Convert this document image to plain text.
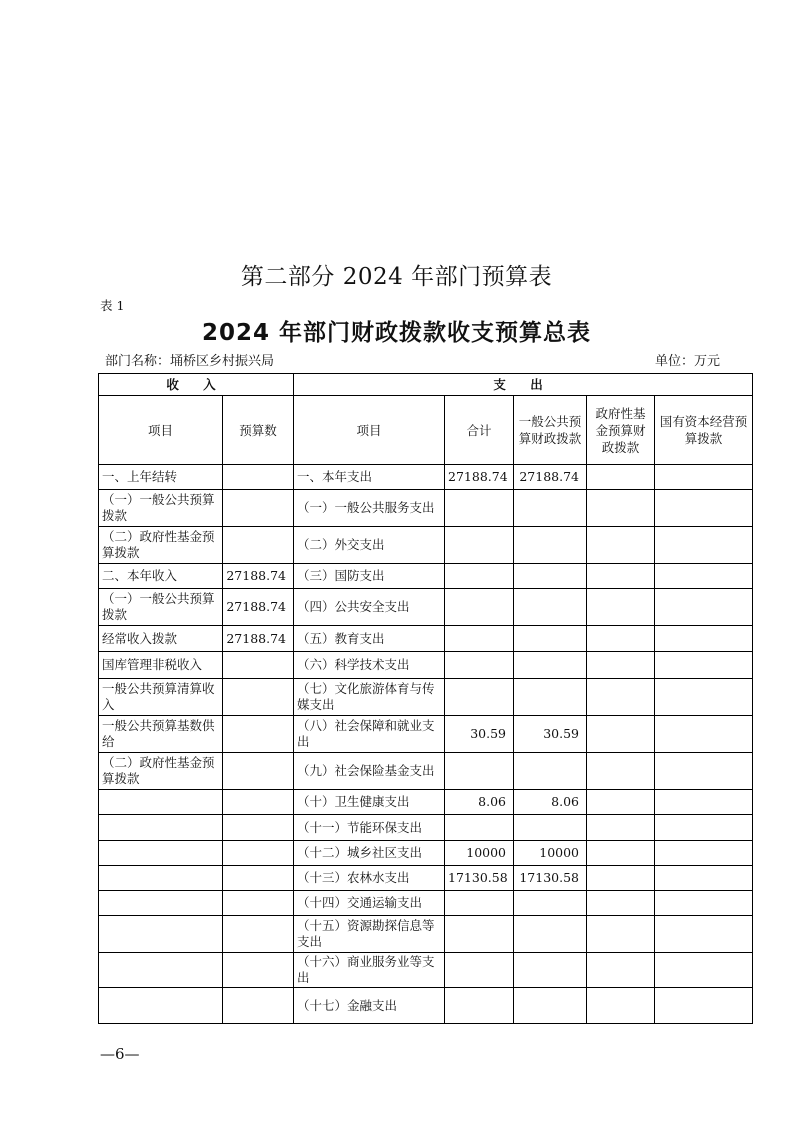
第二部分 2024 年部门预算表
表 1
2024 年部门财政拨款收支预算总表
部门名称：埇桥区乡村振兴局	单位：万元
收 入		支 出				
项目	预算数	项目	合计	一般公共预算财政拨款	政府性基金预算财政拨款	国有资本经营预算拨款
一、上年结转		一、本年支出	27188.74	27188.74		
（一）一般公共预算拨款		（一）一般公共服务支出				
（二）政府性基金预算拨款		（二）外交支出				
二、本年收入	27188.74	（三）国防支出				
（一）一般公共预算拨款	27188.74	（四）公共安全支出				
经常收入拨款	27188.74	（五）教育支出				
国库管理非税收入		（六）科学技术支出				
一般公共预算清算收入		（七）文化旅游体育与传媒支出				
一般公共预算基数供给		（八）社会保障和就业支出	30.59	30.59		
（二）政府性基金预算拨款		（九）社会保险基金支出				
		（十）卫生健康支出	8.06	8.06		
		（十一）节能环保支出				
		（十二）城乡社区支出	10000	10000		
		（十三）农林水支出	17130.58	17130.58		
		（十四）交通运输支出				
		（十五）资源勘探信息等支出				
		（十六）商业服务业等支出				
		（十七）金融支出				
—6—
